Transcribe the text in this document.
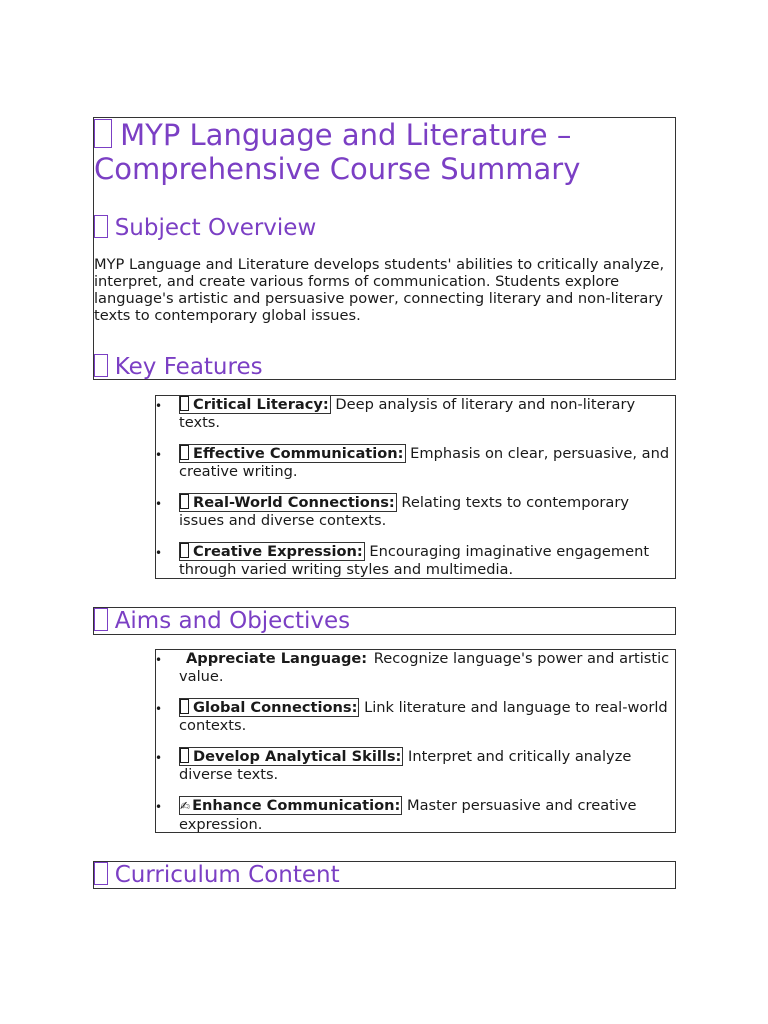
MYP Language and Literature – Comprehensive Course Summary
Subject Overview

MYP Language and Literature develops students' abilities to critically analyze, interpret, and create various forms of communication. Students explore language's artistic and persuasive power, connecting literary and non-literary texts to contemporary global issues.

Key Features
• Critical Literacy: Deep analysis of literary and non-literary texts.
• Effective Communication: Emphasis on clear, persuasive, and creative writing.
• Real-World Connections: Relating texts to contemporary issues and diverse contexts.
• Creative Expression: Encouraging imaginative engagement through varied writing styles and multimedia.
Aims and Objectives
• Appreciate Language: Recognize language's power and artistic value.
• Global Connections: Link literature and language to real-world contexts.
• Develop Analytical Skills: Interpret and critically analyze diverse texts.
• ✍ Enhance Communication: Master persuasive and creative expression.
Curriculum Content
